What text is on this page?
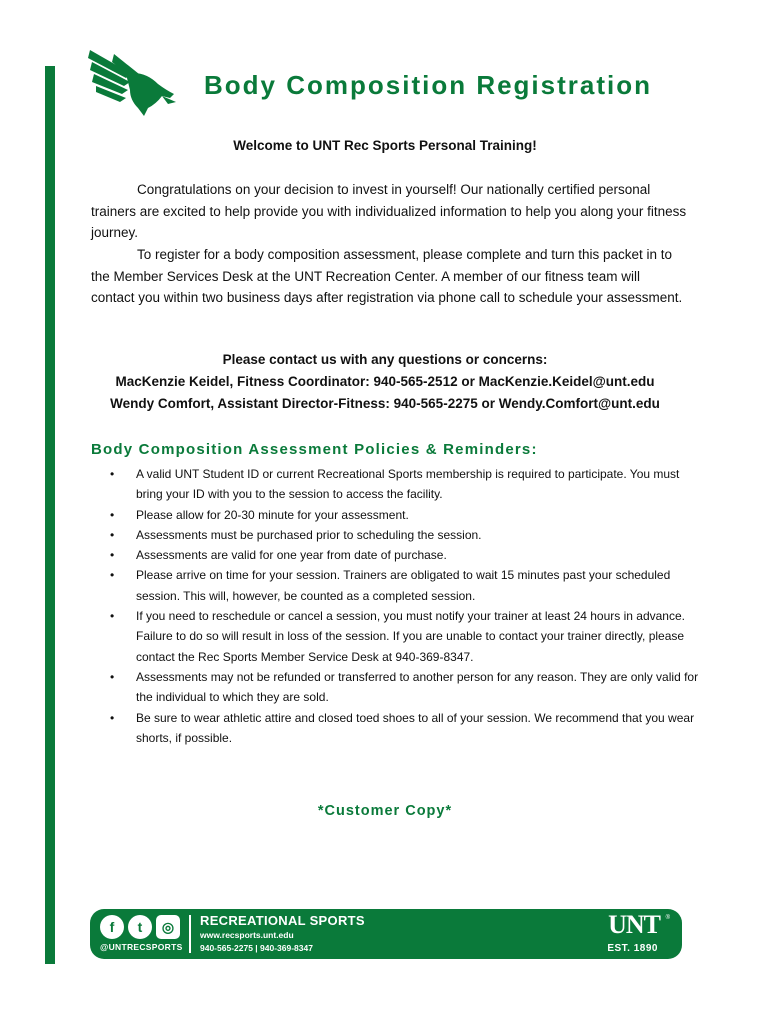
Body Composition Registration
Welcome to UNT Rec Sports Personal Training!

Congratulations on your decision to invest in yourself! Our nationally certified personal trainers are excited to help provide you with individualized information to help you along your fitness journey.

To register for a body composition assessment, please complete and turn this packet in to the Member Services Desk at the UNT Recreation Center. A member of our fitness team will contact you within two business days after registration via phone call to schedule your assessment.

Please contact us with any questions or concerns:
MacKenzie Keidel, Fitness Coordinator: 940-565-2512 or MacKenzie.Keidel@unt.edu
Wendy Comfort, Assistant Director-Fitness: 940-565-2275 or Wendy.Comfort@unt.edu
Body Composition Assessment Policies & Reminders:
• A valid UNT Student ID or current Recreational Sports membership is required to participate. You must bring your ID with you to the session to access the facility.
• Please allow for 20-30 minute for your assessment.
• Assessments must be purchased prior to scheduling the session.
• Assessments are valid for one year from date of purchase.
• Please arrive on time for your session. Trainers are obligated to wait 15 minutes past your scheduled session. This will, however, be counted as a completed session.
• If you need to reschedule or cancel a session, you must notify your trainer at least 24 hours in advance. Failure to do so will result in loss of the session. If you are unable to contact your trainer directly, please contact the Rec Sports Member Service Desk at 940-369-8347.
• Assessments may not be refunded or transferred to another person for any reason. They are only valid for the individual to which they are sold.
• Be sure to wear athletic attire and closed toed shoes to all of your session. We recommend that you wear shorts, if possible.
*Customer Copy*
f	t	◎
@UNTRECSPORTS
RECREATIONAL SPORTS
www.recsports.unt.edu
940-565-2275 | 940-369-8347
UNT ®
EST. 1890
